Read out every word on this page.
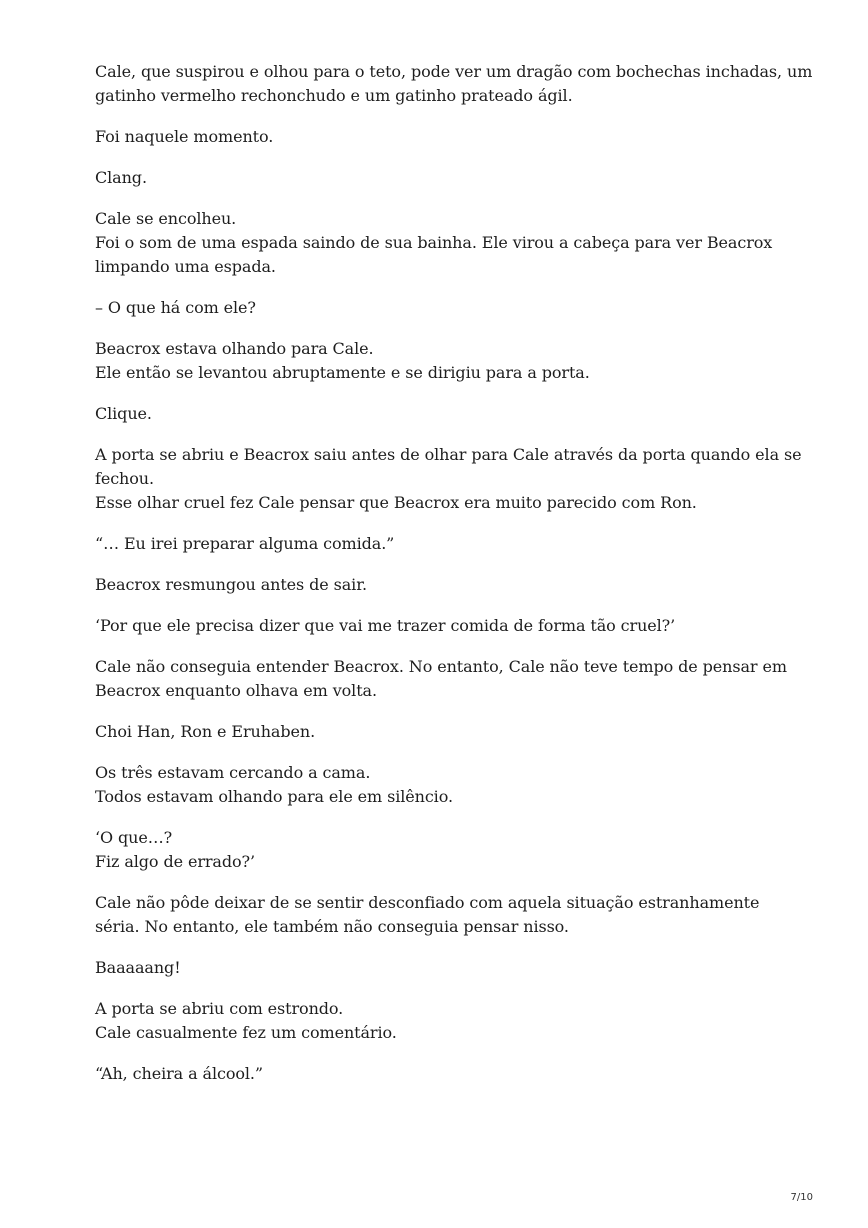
Cale, que suspirou e olhou para o teto, pode ver um dragão com bochechas inchadas, um
gatinho vermelho rechonchudo e um gatinho prateado ágil.

Foi naquele momento.

Clang.

Cale se encolheu.
Foi o som de uma espada saindo de sua bainha. Ele virou a cabeça para ver Beacrox
limpando uma espada.

– O que há com ele?

Beacrox estava olhando para Cale.
Ele então se levantou abruptamente e se dirigiu para a porta.

Clique.

A porta se abriu e Beacrox saiu antes de olhar para Cale através da porta quando ela se
fechou.
Esse olhar cruel fez Cale pensar que Beacrox era muito parecido com Ron.

“… Eu irei preparar alguma comida.”

Beacrox resmungou antes de sair.

‘Por que ele precisa dizer que vai me trazer comida de forma tão cruel?’

Cale não conseguia entender Beacrox. No entanto, Cale não teve tempo de pensar em
Beacrox enquanto olhava em volta.

Choi Han, Ron e Eruhaben.

Os três estavam cercando a cama.
Todos estavam olhando para ele em silêncio.

‘O que…?
Fiz algo de errado?’

Cale não pôde deixar de se sentir desconfiado com aquela situação estranhamente
séria. No entanto, ele também não conseguia pensar nisso.

Baaaaang!

A porta se abriu com estrondo.
Cale casualmente fez um comentário.

“Ah, cheira a álcool.”

7/10
